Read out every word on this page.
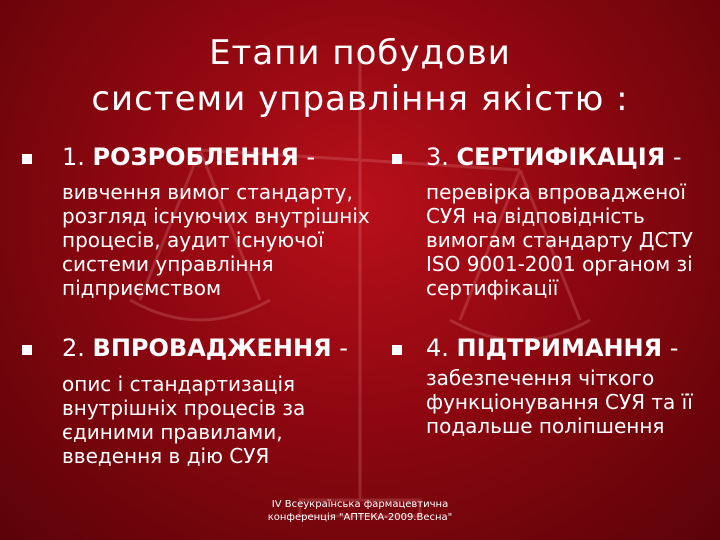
Етапи побудови
системи управління якістю :
1. РОЗРОБЛЕННЯ -
вивчення вимог стандарту, розгляд існуючих внутрішніх процесів, аудит існуючої системи управління підприємством
3. СЕРТИФІКАЦІЯ -
перевірка впровадженої СУЯ на відповідність вимогам стандарту ДСТУ ISO 9001-2001 органом зі сертифікації
2. ВПРОВАДЖЕННЯ -
опис і стандартизація внутрішніх процесів за єдиними правилами, введення в дію СУЯ
4. ПІДТРИМАННЯ -
забезпечення чіткого функціонування СУЯ та її подальше поліпшення
IV Всеукраїнська фармацевтична
конференція "АПТЕКА-2009.Весна"
